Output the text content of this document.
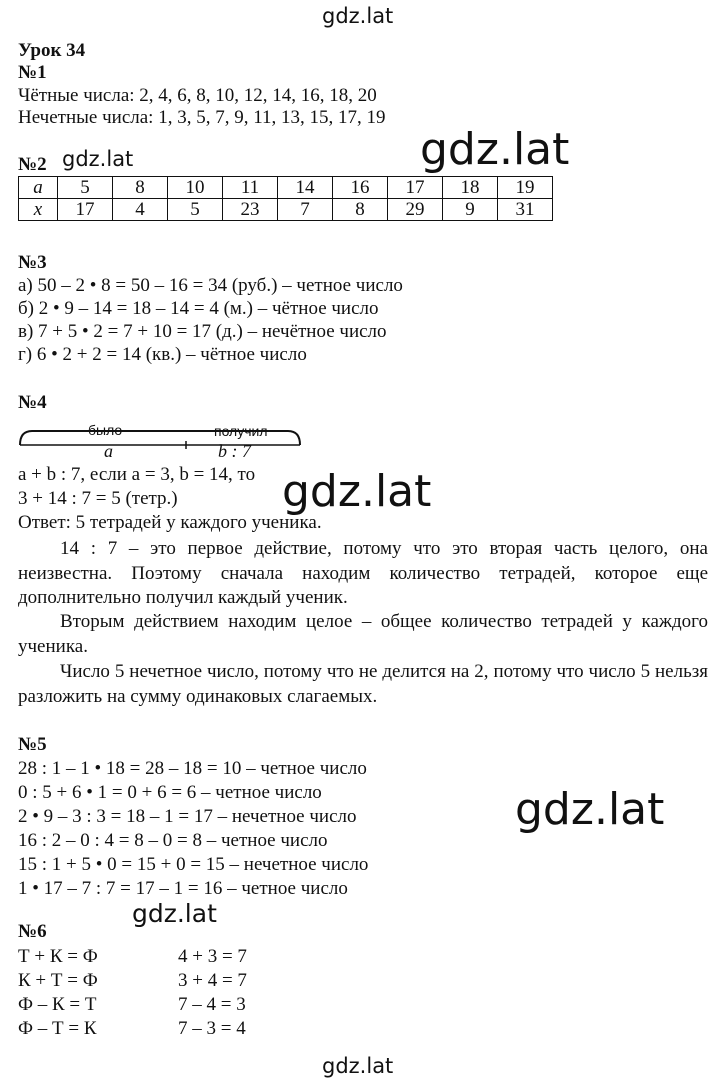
gdz.lat
gdz.lat
gdz.lat
gdz.lat
gdz.lat
gdz.lat
gdz.lat
Урок 34
№1
Чётные числа: 2, 4, 6, 8, 10, 12, 14, 16, 18, 20
Нечетные числа: 1, 3, 5, 7, 9, 11, 13, 15, 17, 19
№2
a	5	8	10	11	14	16	17	18	19
x	17	4	5	23	7	8	29	9	31
№3
а) 50 – 2 • 8 = 50 – 16 = 34 (руб.) – четное число
б) 2 • 9 – 14 = 18 – 14 = 4 (м.) – чётное число
в) 7 + 5 • 2 = 7 + 10 = 17 (д.) – нечётное число
г) 6 • 2 + 2 = 14 (кв.) – чётное число
№4
было	получил
a	b : 7
a + b : 7, если a = 3, b = 14, то
3 + 14 : 7 = 5 (тетр.)
Ответ: 5 тетрадей у каждого ученика.
14 : 7 – это первое действие, потому что это вторая часть целого, она неизвестна. Поэтому сначала находим количество тетрадей, которое еще дополнительно получил каждый ученик.
Вторым действием находим целое – общее количество тетрадей у каждого ученика.
Число 5 нечетное число, потому что не делится на 2, потому что число 5 нельзя разложить на сумму одинаковых слагаемых.
№5
28 : 1 – 1 • 18 = 28 – 18 = 10 – четное число
0 : 5 + 6 • 1 = 0 + 6 = 6 – четное число
2 • 9 – 3 : 3 = 18 – 1 = 17 – нечетное число
16 : 2 – 0 : 4 = 8 – 0 = 8 – четное число
15 : 1 + 5 • 0 = 15 + 0 = 15 – нечетное число
1 • 17 – 7 : 7 = 17 – 1 = 16 – четное число
№6
Т + К = Ф	4 + 3 = 7
К + Т = Ф	3 + 4 = 7
Ф – К = Т	7 – 4 = 3
Ф – Т = К	7 – 3 = 4
